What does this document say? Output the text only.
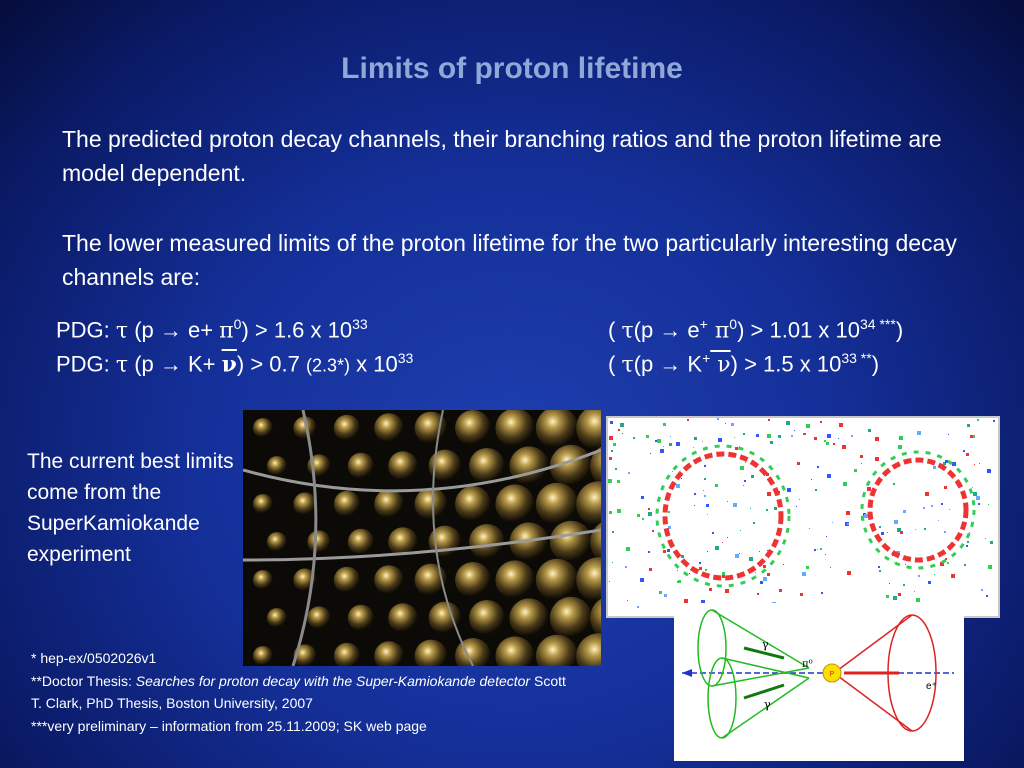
Limits of proton lifetime
The predicted proton decay channels, their branching ratios and the proton lifetime are model dependent.
The lower measured limits of the proton lifetime for the two particularly interesting decay channels are:
PDG: τ $(p \to e+ \pi^0) > 1.6$ x $10^{33}$
PDG: τ $(p \to K+ \overline{\nu}) > 0.7$ (2.3*) x $10^{33}$
( τ(p → e+ $\pi^0) > 1.01$ x $10^{34 ***}$)
( τ(p → K+ ν) > 1.5 x $10^{33 **}$)
The current best limits come from the SuperKamiokande experiment
P
γ
γ
π⁰
e⁺
* hep-ex/0502026v1
**Doctor Thesis: Searches for proton decay with the Super-Kamiokande detector Scott T. Clark, PhD Thesis, Boston University, 2007
***very preliminary – information from 25.11.2009; SK web page
